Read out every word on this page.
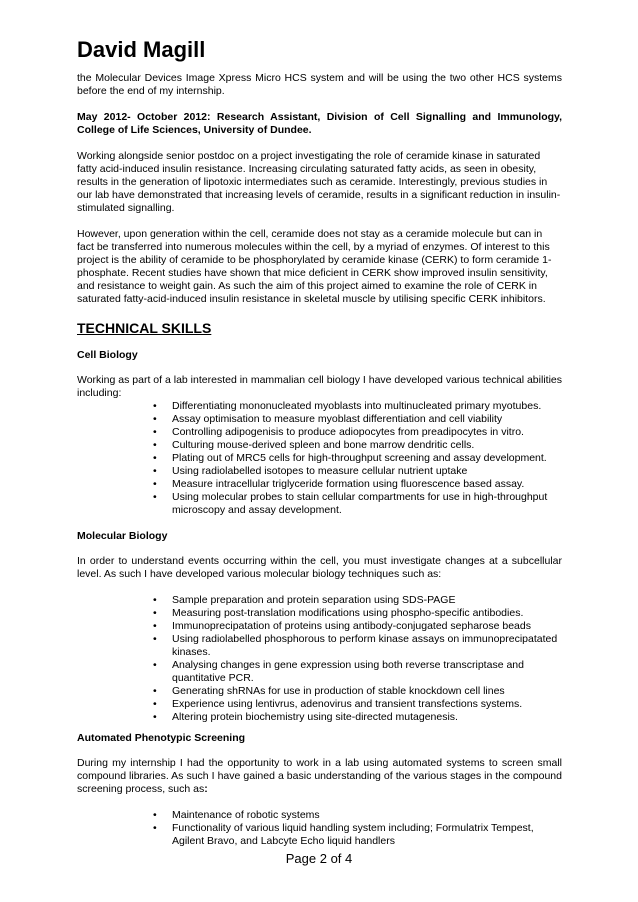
David Magill

the Molecular Devices Image Xpress Micro HCS system and will be using the two other HCS systems before the end of my internship.

May 2012- October 2012: Research Assistant, Division of Cell Signalling and Immunology, College of Life Sciences, University of Dundee.

Working alongside senior postdoc on a project investigating the role of ceramide kinase in saturated fatty acid-induced insulin resistance. Increasing circulating saturated fatty acids, as seen in obesity, results in the generation of lipotoxic intermediates such as ceramide. Interestingly, previous studies in our lab have demonstrated that increasing levels of ceramide, results in a significant reduction in insulin-stimulated signalling.

However, upon generation within the cell, ceramide does not stay as a ceramide molecule but can in fact be transferred into numerous molecules within the cell, by a myriad of enzymes. Of interest to this project is the ability of ceramide to be phosphorylated by ceramide kinase (CERK) to form ceramide 1-phosphate. Recent studies have shown that mice deficient in CERK show improved insulin sensitivity, and resistance to weight gain. As such the aim of this project aimed to examine the role of CERK in saturated fatty-acid-induced insulin resistance in skeletal muscle by utilising specific CERK inhibitors.

TECHNICAL SKILLS
Cell Biology

Working as part of a lab interested in mammalian cell biology I have developed various technical abilities including:

• Differentiating mononucleated myoblasts into multinucleated primary myotubes.
• Assay optimisation to measure myoblast differentiation and cell viability
• Controlling adipogenisis to produce adiopocytes from preadipocytes in vitro.
• Culturing mouse-derived spleen and bone marrow dendritic cells.
• Plating out of MRC5 cells for high-throughput screening and assay development.
• Using radiolabelled isotopes to measure cellular nutrient uptake
• Measure intracellular triglyceride formation using fluorescence based assay.
• Using molecular probes to stain cellular compartments for use in high-throughput microscopy and assay development.
Molecular Biology

In order to understand events occurring within the cell, you must investigate changes at a subcellular level. As such I have developed various molecular biology techniques such as:

• Sample preparation and protein separation using SDS-PAGE
• Measuring post-translation modifications using phospho-specific antibodies.
• Immunoprecipatation of proteins using antibody-conjugated sepharose beads
• Using radiolabelled phosphorous to perform kinase assays on immunoprecipatated kinases.
• Analysing changes in gene expression using both reverse transcriptase and quantitative PCR.
• Generating shRNAs for use in production of stable knockdown cell lines
• Experience using lentivrus, adenovirus and transient transfections systems.
• Altering protein biochemistry using site-directed mutagenesis.
Automated Phenotypic Screening

During my internship I had the opportunity to work in a lab using automated systems to screen small compound libraries. As such I have gained a basic understanding of the various stages in the compound screening process, such as:

• Maintenance of robotic systems
• Functionality of various liquid handling system including; Formulatrix Tempest, Agilent Bravo, and Labcyte Echo liquid handlers
Page 2 of 4
